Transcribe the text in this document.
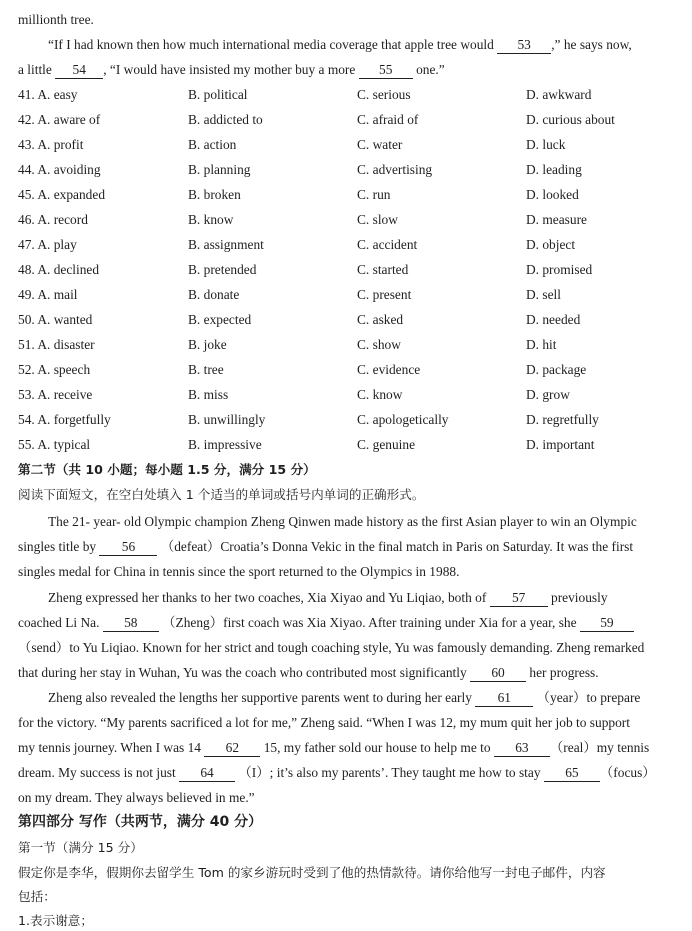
millionth tree.
“If I had known then how much international media coverage that apple tree would 53 ,” he says now,
a little 54 , “I would have insisted my mother buy a more 55 one.”
41. A. easy	B. political	C. serious	D. awkward
42. A. aware of	B. addicted to	C. afraid of	D. curious about
43. A. profit	B. action	C. water	D. luck
44. A. avoiding	B. planning	C. advertising	D. leading
45. A. expanded	B. broken	C. run	D. looked
46. A. record	B. know	C. slow	D. measure
47. A. play	B. assignment	C. accident	D. object
48. A. declined	B. pretended	C. started	D. promised
49. A. mail	B. donate	C. present	D. sell
50. A. wanted	B. expected	C. asked	D. needed
51. A. disaster	B. joke	C. show	D. hit
52. A. speech	B. tree	C. evidence	D. package
53. A. receive	B. miss	C. know	D. grow
54. A. forgetfully	B. unwillingly	C. apologetically	D. regretfully
55. A. typical	B. impressive	C. genuine	D. important
第二节（共 10 小题；每小题 1.5 分，满分 15 分）
阅读下面短文，在空白处填入 1 个适当的单词或括号内单词的正确形式。
The 21- year- old Olympic champion Zheng Qinwen made history as the first Asian player to win an Olympic
singles title by 56 （defeat）Croatia’s Donna Vekic in the final match in Paris on Saturday. It was the first
singles medal for China in tennis since the sport returned to the Olympics in 1988.
Zheng expressed her thanks to her two coaches, Xia Xiyao and Yu Liqiao, both of 57 previously
coached Li Na. 58 （Zheng）first coach was Xia Xiyao. After training under Xia for a year, she 59
（send）to Yu Liqiao. Known for her strict and tough coaching style, Yu was famously demanding. Zheng remarked
that during her stay in Wuhan, Yu was the coach who contributed most significantly 60 her progress.
Zheng also revealed the lengths her supportive parents went to during her early 61 （year）to prepare
for the victory. “My parents sacrificed a lot for me,” Zheng said. “When I was 12, my mum quit her job to support
my tennis journey. When I was 14 62 15, my father sold our house to help me to 63 （real）my tennis
dream. My success is not just 64 （I）; it’s also my parents’. They taught me how to stay 65 （focus）
on my dream. They always believed in me.”
第四部分 写作（共两节，满分 40 分）
第一节（满分 15 分）
假定你是李华，假期你去留学生 Tom 的家乡游玩时受到了他的热情款待。请你给他写一封电子邮件，内容
包括：
1.表示谢意；
